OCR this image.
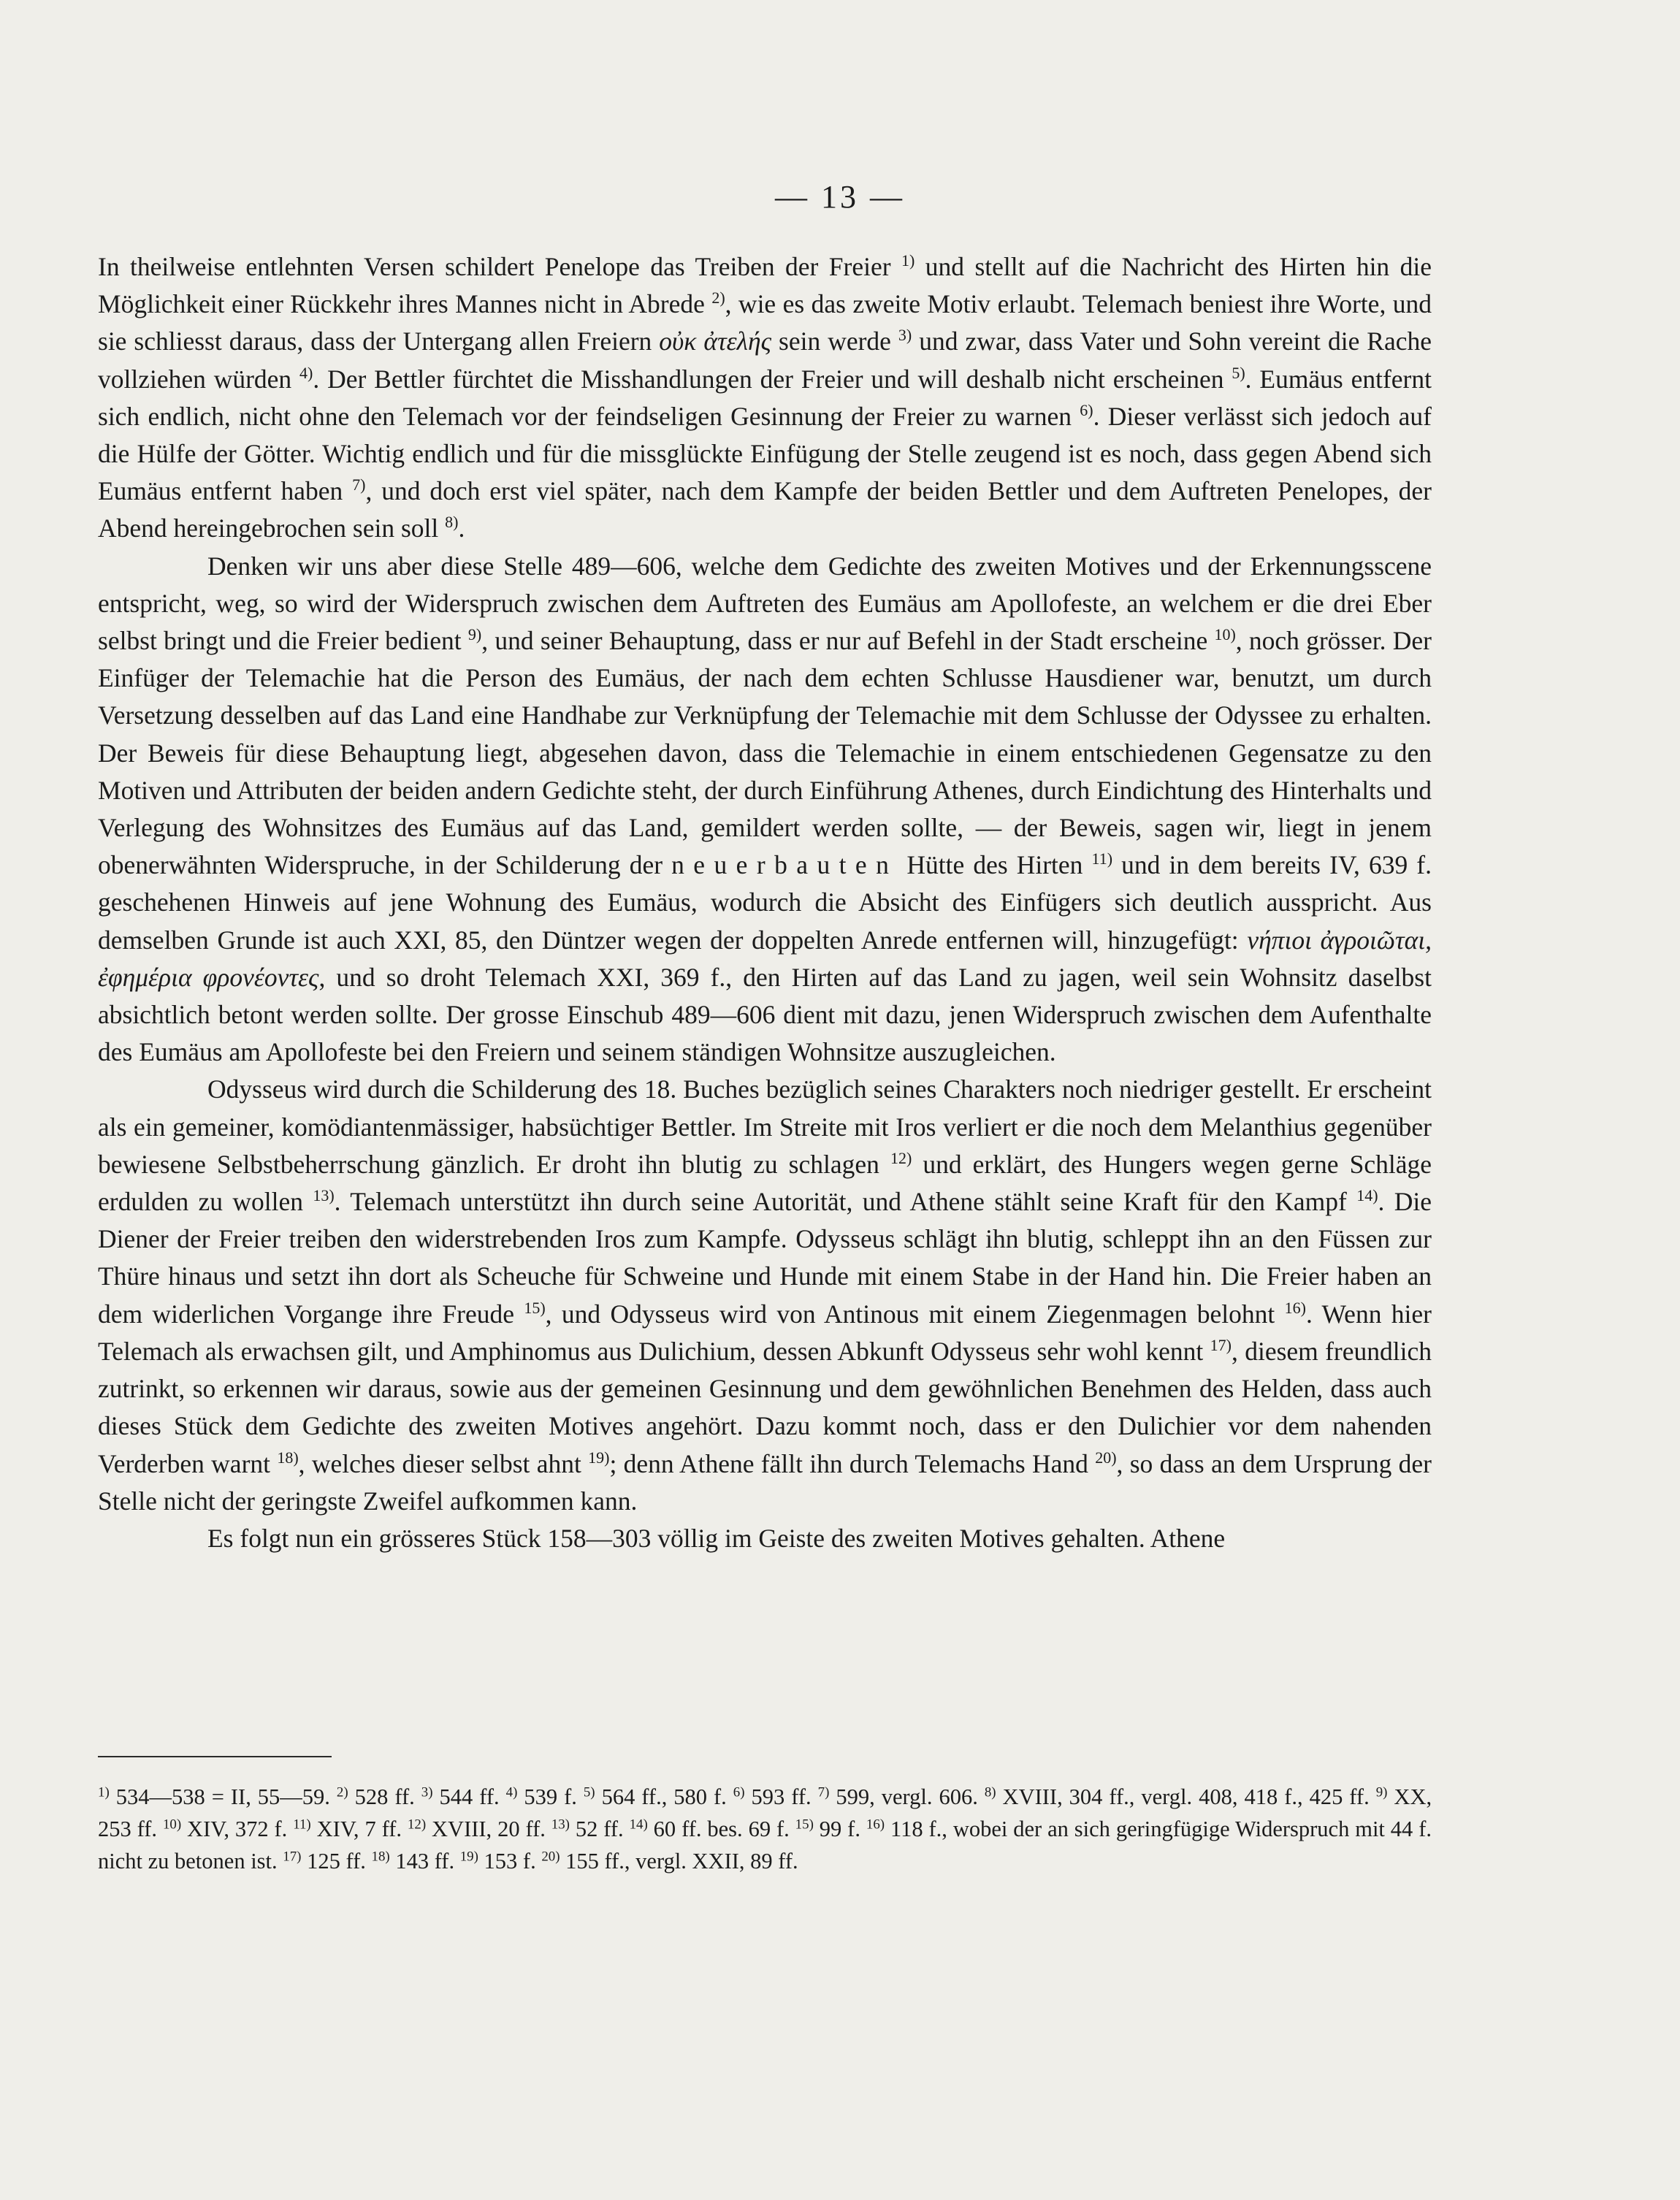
— 13 —

In theilweise entlehnten Versen schildert Penelope das Treiben der Freier $^{1)}$ und stellt auf die Nachricht des Hirten hin die Möglichkeit einer Rückkehr ihres Mannes nicht in Abrede $^{2)}$, wie es das zweite Motiv erlaubt. Telemach beniest ihre Worte, und sie schliesst daraus, dass der Untergang allen Freiern οὐκ ἀτελής sein werde $^{3)}$ und zwar, dass Vater und Sohn vereint die Rache vollziehen würden $^{4)}$. Der Bettler fürchtet die Misshandlungen der Freier und will deshalb nicht erscheinen $^{5)}$. Eumäus entfernt sich endlich, nicht ohne den Telemach vor der feindseligen Gesinnung der Freier zu warnen $^{6)}$. Dieser verlässt sich jedoch auf die Hülfe der Götter. Wichtig endlich und für die missglückte Einfügung der Stelle zeugend ist es noch, dass gegen Abend sich Eumäus entfernt haben $^{7)}$, und doch erst viel später, nach dem Kampfe der beiden Bettler und dem Auftreten Penelopes, der Abend hereingebrochen sein soll $^{8)}$.

Denken wir uns aber diese Stelle 489—606, welche dem Gedichte des zweiten Motives und der Erkennungsscene entspricht, weg, so wird der Widerspruch zwischen dem Auftreten des Eumäus am Apollofeste, an welchem er die drei Eber selbst bringt und die Freier bedient $^{9)}$, und seiner Behauptung, dass er nur auf Befehl in der Stadt erscheine $^{10)}$, noch grösser. Der Einfüger der Telemachie hat die Person des Eumäus, der nach dem echten Schlusse Hausdiener war, benutzt, um durch Versetzung desselben auf das Land eine Handhabe zur Verknüpfung der Telemachie mit dem Schlusse der Odyssee zu erhalten. Der Beweis für diese Behauptung liegt, abgesehen davon, dass die Telemachie in einem entschiedenen Gegensatze zu den Motiven und Attributen der beiden andern Gedichte steht, der durch Einführung Athenes, durch Eindichtung des Hinterhalts und Verlegung des Wohnsitzes des Eumäus auf das Land, gemildert werden sollte, — der Beweis, sagen wir, liegt in jenem obenerwähnten Widerspruche, in der Schilderung der neuerbauten Hütte des Hirten $^{11)}$ und in dem bereits IV, 639 f. geschehenen Hinweis auf jene Wohnung des Eumäus, wodurch die Absicht des Einfügers sich deutlich ausspricht. Aus demselben Grunde ist auch XXI, 85, den Düntzer wegen der doppelten Anrede entfernen will, hinzugefügt: νήπιοι ἀγροιῶται, ἐφημέρια φρονέοντες, und so droht Telemach XXI, 369 f., den Hirten auf das Land zu jagen, weil sein Wohnsitz daselbst absichtlich betont werden sollte. Der grosse Einschub 489—606 dient mit dazu, jenen Widerspruch zwischen dem Aufenthalte des Eumäus am Apollofeste bei den Freiern und seinem ständigen Wohnsitze auszugleichen.

Odysseus wird durch die Schilderung des 18. Buches bezüglich seines Charakters noch niedriger gestellt. Er erscheint als ein gemeiner, komödiantenmässiger, habsüchtiger Bettler. Im Streite mit Iros verliert er die noch dem Melanthius gegenüber bewiesene Selbstbeherrschung gänzlich. Er droht ihn blutig zu schlagen $^{12)}$ und erklärt, des Hungers wegen gerne Schläge erdulden zu wollen $^{13)}$. Telemach unterstützt ihn durch seine Autorität, und Athene stählt seine Kraft für den Kampf $^{14)}$. Die Diener der Freier treiben den widerstrebenden Iros zum Kampfe. Odysseus schlägt ihn blutig, schleppt ihn an den Füssen zur Thüre hinaus und setzt ihn dort als Scheuche für Schweine und Hunde mit einem Stabe in der Hand hin. Die Freier haben an dem widerlichen Vorgange ihre Freude $^{15)}$, und Odysseus wird von Antinous mit einem Ziegenmagen belohnt $^{16)}$. Wenn hier Telemach als erwachsen gilt, und Amphinomus aus Dulichium, dessen Abkunft Odysseus sehr wohl kennt $^{17)}$, diesem freundlich zutrinkt, so erkennen wir daraus, sowie aus der gemeinen Gesinnung und dem gewöhnlichen Benehmen des Helden, dass auch dieses Stück dem Gedichte des zweiten Motives angehört. Dazu kommt noch, dass er den Dulichier vor dem nahenden Verderben warnt $^{18)}$, welches dieser selbst ahnt $^{19)}$; denn Athene fällt ihn durch Telemachs Hand $^{20)}$, so dass an dem Ursprung der Stelle nicht der geringste Zweifel aufkommen kann.

Es folgt nun ein grösseres Stück 158—303 völlig im Geiste des zweiten Motives gehalten. Athene

$^{1)}$ 534—538 = II, 55—59. $^{2)}$ 528 ff. $^{3)}$ 544 ff. $^{4)}$ 539 f. $^{5)}$ 564 ff., 580 f. $^{6)}$ 593 ff. $^{7)}$ 599, vergl. 606. $^{8)}$ XVIII, 304 ff., vergl. 408, 418 f., 425 ff. $^{9)}$ XX, 253 ff. $^{10)}$ XIV, 372 f. $^{11)}$ XIV, 7 ff. $^{12)}$ XVIII, 20 ff. $^{13)}$ 52 ff. $^{14)}$ 60 ff. bes. 69 f. $^{15)}$ 99 f. $^{16)}$ 118 f., wobei der an sich geringfügige Widerspruch mit 44 f. nicht zu betonen ist. $^{17)}$ 125 ff. $^{18)}$ 143 ff. $^{19)}$ 153 f. $^{20)}$ 155 ff., vergl. XXII, 89 ff.
